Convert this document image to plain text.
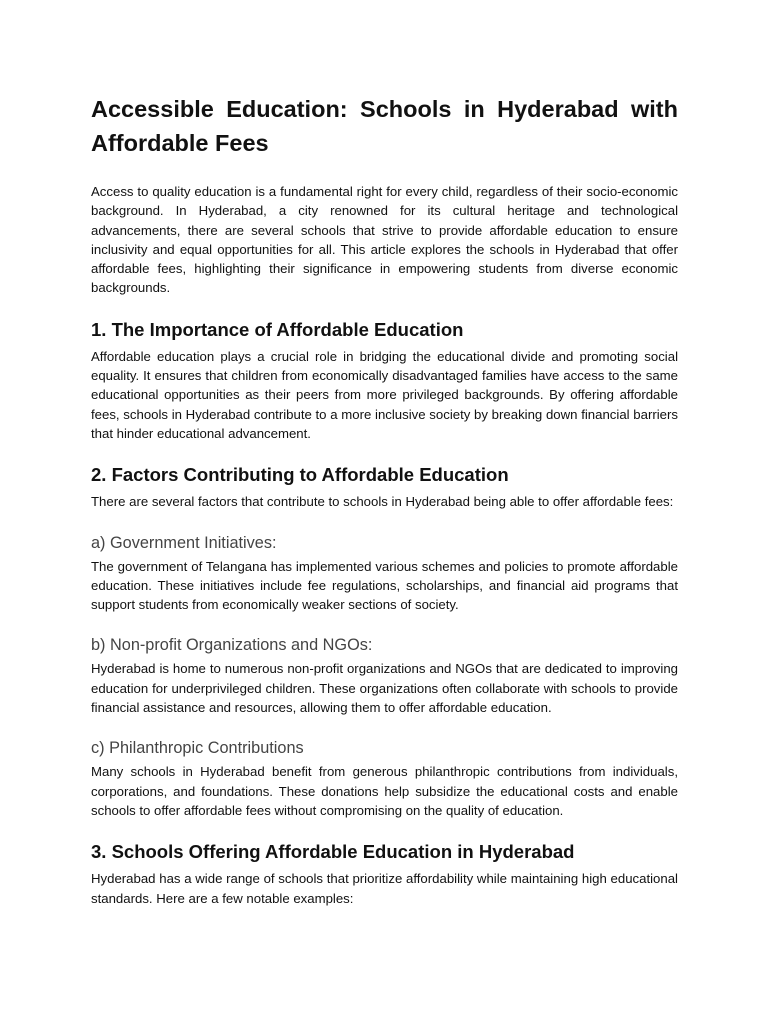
Accessible Education: Schools in Hyderabad with Affordable Fees

Access to quality education is a fundamental right for every child, regardless of their socio-economic background. In Hyderabad, a city renowned for its cultural heritage and technological advancements, there are several schools that strive to provide affordable education to ensure inclusivity and equal opportunities for all. This article explores the schools in Hyderabad that offer affordable fees, highlighting their significance in empowering students from diverse economic backgrounds.

1. The Importance of Affordable Education

Affordable education plays a crucial role in bridging the educational divide and promoting social equality. It ensures that children from economically disadvantaged families have access to the same educational opportunities as their peers from more privileged backgrounds. By offering affordable fees, schools in Hyderabad contribute to a more inclusive society by breaking down financial barriers that hinder educational advancement.

2. Factors Contributing to Affordable Education

There are several factors that contribute to schools in Hyderabad being able to offer affordable fees:

a) Government Initiatives:

The government of Telangana has implemented various schemes and policies to promote affordable education. These initiatives include fee regulations, scholarships, and financial aid programs that support students from economically weaker sections of society.

b) Non-profit Organizations and NGOs:

Hyderabad is home to numerous non-profit organizations and NGOs that are dedicated to improving education for underprivileged children. These organizations often collaborate with schools to provide financial assistance and resources, allowing them to offer affordable education.

c) Philanthropic Contributions

Many schools in Hyderabad benefit from generous philanthropic contributions from individuals, corporations, and foundations. These donations help subsidize the educational costs and enable schools to offer affordable fees without compromising on the quality of education.

3. Schools Offering Affordable Education in Hyderabad

Hyderabad has a wide range of schools that prioritize affordability while maintaining high educational standards. Here are a few notable examples:
